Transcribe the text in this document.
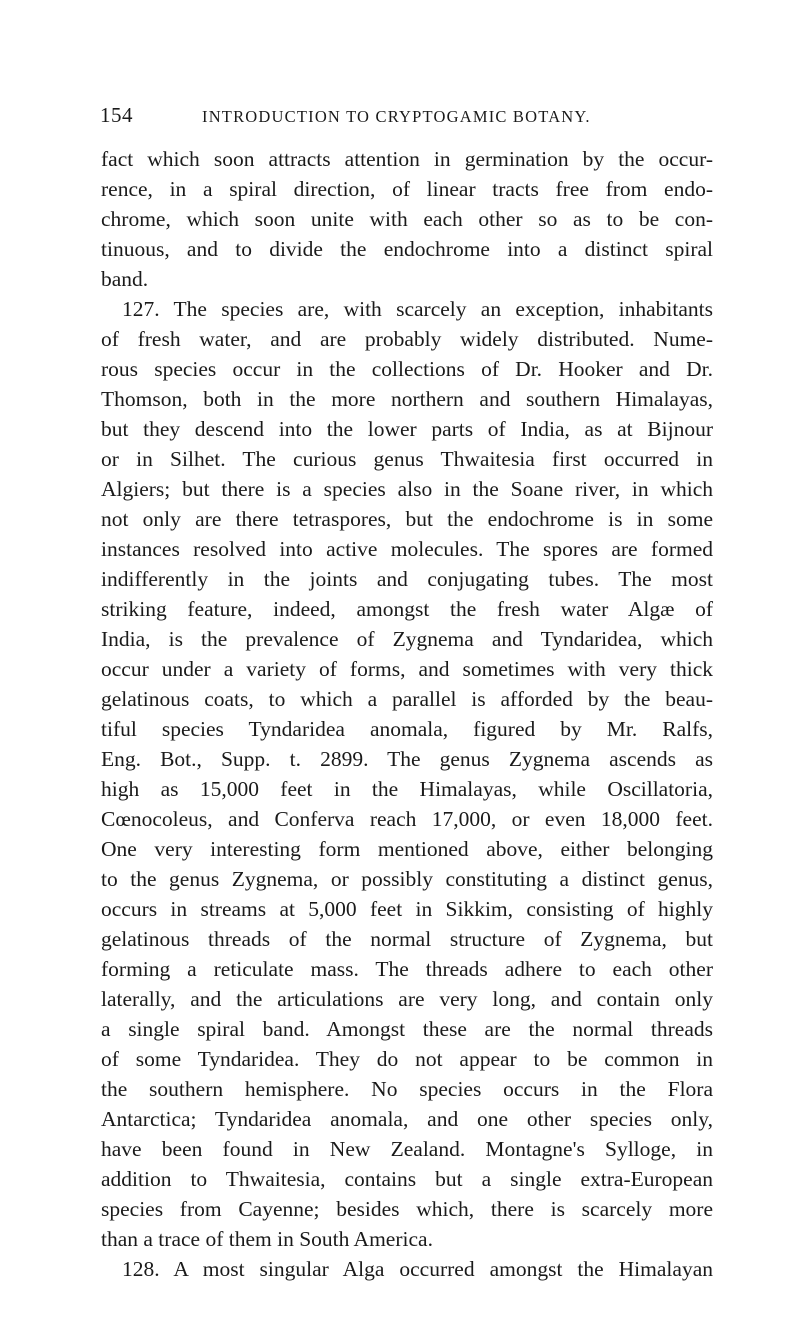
154	INTRODUCTION TO CRYPTOGAMIC BOTANY.
fact which soon attracts attention in germination by the occur-
rence, in a spiral direction, of linear tracts free from endo-
chrome, which soon unite with each other so as to be con-
tinuous, and to divide the endochrome into a distinct spiral
band.
127. The species are, with scarcely an exception, inhabitants
of fresh water, and are probably widely distributed. Nume-
rous species occur in the collections of Dr. Hooker and Dr.
Thomson, both in the more northern and southern Himalayas,
but they descend into the lower parts of India, as at Bijnour
or in Silhet. The curious genus Thwaitesia first occurred in
Algiers; but there is a species also in the Soane river, in which
not only are there tetraspores, but the endochrome is in some
instances resolved into active molecules. The spores are formed
indifferently in the joints and conjugating tubes. The most
striking feature, indeed, amongst the fresh water Algæ of
India, is the prevalence of Zygnema and Tyndaridea, which
occur under a variety of forms, and sometimes with very thick
gelatinous coats, to which a parallel is afforded by the beau-
tiful species Tyndaridea anomala, figured by Mr. Ralfs,
Eng. Bot., Supp. t. 2899. The genus Zygnema ascends as
high as 15,000 feet in the Himalayas, while Oscillatoria,
Cœnocoleus, and Conferva reach 17,000, or even 18,000 feet.
One very interesting form mentioned above, either belonging
to the genus Zygnema, or possibly constituting a distinct genus,
occurs in streams at 5,000 feet in Sikkim, consisting of highly
gelatinous threads of the normal structure of Zygnema, but
forming a reticulate mass. The threads adhere to each other
laterally, and the articulations are very long, and contain only
a single spiral band. Amongst these are the normal threads
of some Tyndaridea. They do not appear to be common in
the southern hemisphere. No species occurs in the Flora
Antarctica; Tyndaridea anomala, and one other species only,
have been found in New Zealand. Montagne's Sylloge, in
addition to Thwaitesia, contains but a single extra-European
species from Cayenne; besides which, there is scarcely more
than a trace of them in South America.
128. A most singular Alga occurred amongst the Himalayan
